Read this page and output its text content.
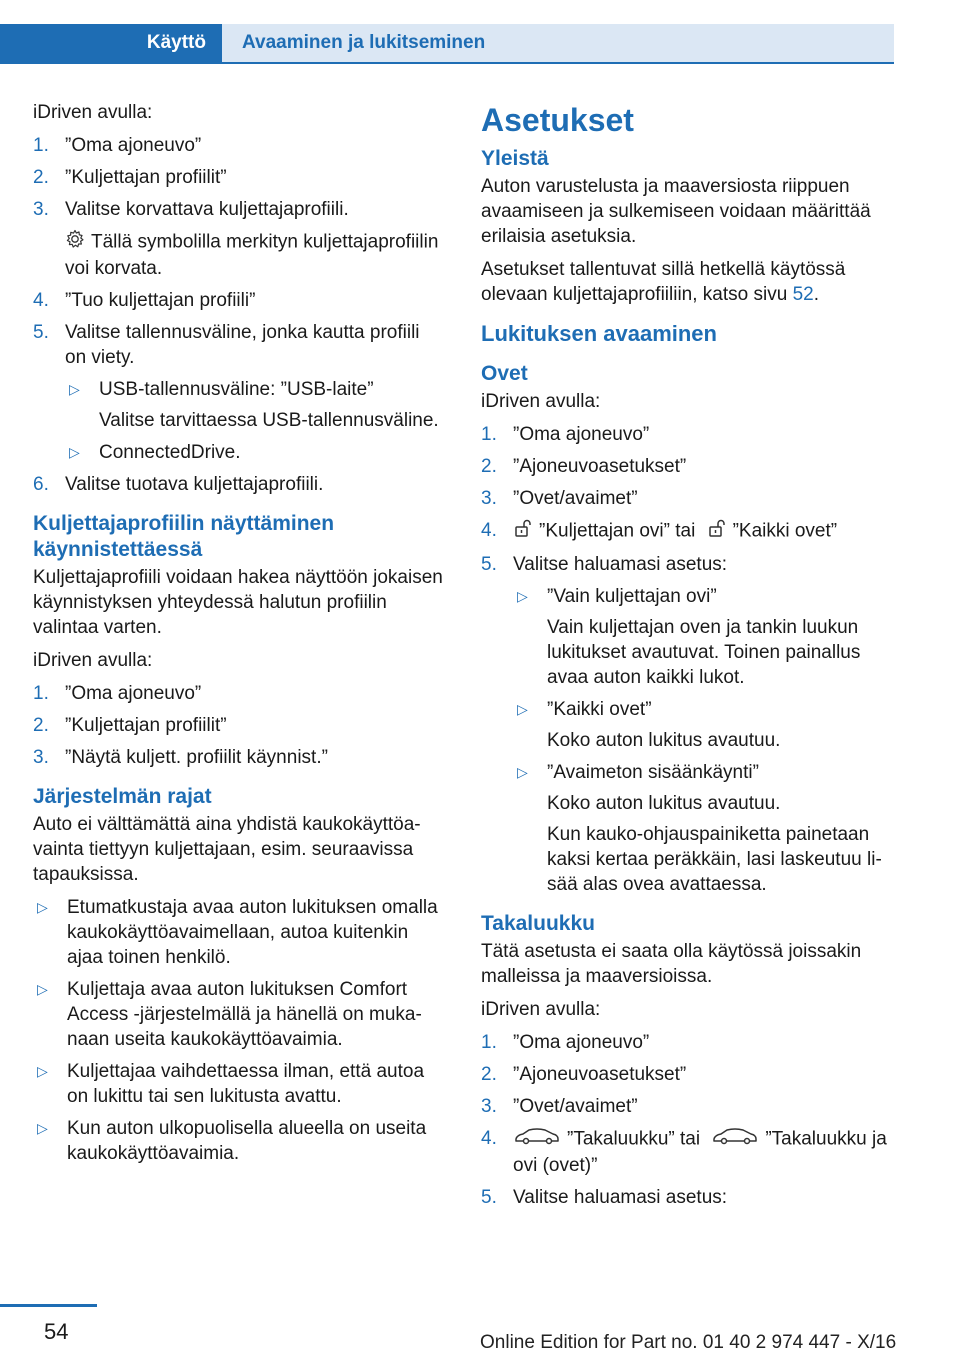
Käyttö	Avaaminen ja lukitseminen

iDriven avulla:

1. ”Oma ajoneuvo”
2. ”Kuljettajan profiilit”
3. Valitse korvattava kuljettajaprofiili.
Tällä symbolilla merkityn kuljettajaprofiilin voi korvata.
4. ”Tuo kuljettajan profiili”
5. Valitse tallennusväline, jonka kautta profiili on viety.
▷	USB-tallennusväline: ”USB-laite”
Valitse tarvittaessa USB-tallennusväline.
▷	ConnectedDrive.
6. Valitse tuotava kuljettajaprofiili.
Kuljettajaprofiilin näyttäminen käynnistettäessä

Kuljettajaprofiili voidaan hakea näyttöön jokaisen käynnistyksen yhteydessä halutun profiilin valintaa varten.

iDriven avulla:

1. ”Oma ajoneuvo”
2. ”Kuljettajan profiilit”
3. ”Näytä kuljett. profiilit käynnist.”
Järjestelmän rajat

Auto ei välttämättä aina yhdistä kaukokäyttöavainta tiettyyn kuljettajaan, esim. seuraavissa tapauksissa.

▷	Etumatkustaja avaa auton lukituksen omalla kaukokäyttöavaimellaan, autoa kuitenkin ajaa toinen henkilö.
▷	Kuljettaja avaa auton lukituksen Comfort Access -järjestelmällä ja hänellä on mukanaan useita kaukokäyttöavaimia.
▷	Kuljettajaa vaihdettaessa ilman, että autoa on lukittu tai sen lukitusta avattu.
▷	Kun auton ulkopuolisella alueella on useita kaukokäyttöavaimia.
Asetukset
Yleistä

Auton varustelusta ja maaversiosta riippuen avaamiseen ja sulkemiseen voidaan määrittää erilaisia asetuksia.

Asetukset tallentuvat sillä hetkellä käytössä olevaan kuljettajaprofiiliin, katso sivu 52.

Lukituksen avaaminen
Ovet

iDriven avulla:

1. ”Oma ajoneuvo”
2. ”Ajoneuvoasetukset”
3. ”Ovet/avaimet”
4.	”Kuljettajan ovi” tai ”Kaikki ovet”
5. Valitse haluamasi asetus:
▷	”Vain kuljettajan ovi”
Vain kuljettajan oven ja tankin luukun lukitukset avautuvat. Toinen painallus avaa auton kaikki lukot.
▷	”Kaikki ovet”
Koko auton lukitus avautuu.
▷	”Avaimeton sisäänkäynti”
Koko auton lukitus avautuu.
Kun kauko-ohjauspainiketta painetaan kaksi kertaa peräkkäin, lasi laskeutuu lisää alas ovea avattaessa.
Takaluukku

Tätä asetusta ei saata olla käytössä joissakin malleissa ja maaversioissa.

iDriven avulla:

1. ”Oma ajoneuvo”
2. ”Ajoneuvoasetukset”
3. ”Ovet/avaimet”
4.	”Takaluukku” tai	”Takaluukku ja ovi (ovet)”
5. Valitse haluamasi asetus:
54	Online Edition for Part no. 01 40 2 974 447 - X/16
